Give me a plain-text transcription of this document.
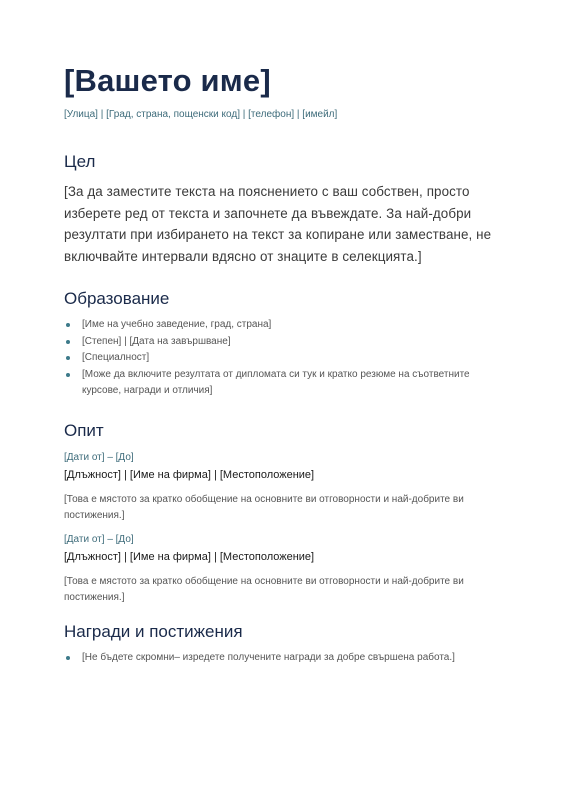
[Вашето име]
[Улица] | [Град, страна, пощенски код] | [телефон] | [имейл]
Цел
[За да заместите текста на пояснението с ваш собствен, просто изберете ред от текста и започнете да въвеждате. За най-добри резултати при избирането на текст за копиране или заместване, не включвайте интервали вдясно от знаците в селекцията.]
Образование
[Име на учебно заведение, град, страна]
[Степен] | [Дата на завършване]
[Специалност]
[Може да включите резултата от дипломата си тук и кратко резюме на съответните курсове, награди и отличия]
Опит
[Дати от] – [До]
[Длъжност] | [Име на фирма] | [Местоположение]
[Това е мястото за кратко обобщение на основните ви отговорности и най-добрите ви постижения.]
[Дати от] – [До]
[Длъжност] | [Име на фирма] | [Местоположение]
[Това е мястото за кратко обобщение на основните ви отговорности и най-добрите ви постижения.]
Награди и постижения
[Не бъдете скромни– изредете получените награди за добре свършена работа.]
